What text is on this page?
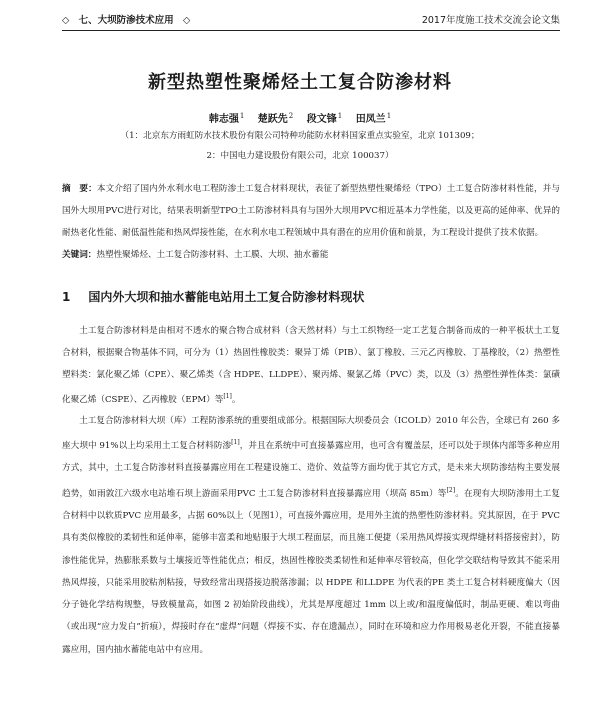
◇ 七、大坝防渗技术应用 ◇	2017年度施工技术交流会论文集
新型热塑性聚烯烃土工复合防渗材料
韩志强$^1$ 楚跃先$^2$ 段文锋$^1$ 田凤兰$^1$
（1：北京东方雨虹防水技术股份有限公司特种功能防水材料国家重点实验室，北京 101309；
2：中国电力建设股份有限公司，北京 100037）
摘　要：本文介绍了国内外水利水电工程防渗土工复合材料现状，表征了新型热塑性聚烯烃（TPO）土工复合防渗材料性能，并与国外大坝用PVC进行对比，结果表明新型TPO土工防渗材料具有与国外大坝用PVC相近基本力学性能，以及更高的延伸率、优异的耐热老化性能、耐低温性能和热风焊接性能，在水利水电工程领域中具有潜在的应用价值和前景，为工程设计提供了技术依据。
关键词：热塑性聚烯烃、土工复合防渗材料、土工膜、大坝、抽水蓄能
1 国内外大坝和抽水蓄能电站用土工复合防渗材料现状
土工复合防渗材料是由相对不透水的聚合物合成材料（含天然材料）与土工织物经一定工艺复合制备而成的一种平板状土工复合材料，根据聚合物基体不同，可分为（1）热固性橡胶类：聚异丁烯（PIB）、氯丁橡胶、三元乙丙橡胶、丁基橡胶，（2）热塑性塑料类：氯化聚乙烯（CPE）、聚乙烯类（含 HDPE、LLDPE）、聚丙烯、聚氯乙烯（PVC）类，以及（3）热塑性弹性体类：氯磺化聚乙烯（CSPE）、乙丙橡胶（EPM）等[1]。
土工复合防渗材料大坝（库）工程防渗系统的重要组成部分。根据国际大坝委员会（ICOLD）2010 年公告，全球已有 260 多座大坝中 91%以上均采用土工复合材料防渗[1]，并且在系统中可直接暴露应用，也可含有覆盖层，还可以处于坝体内部等多种应用方式，其中，土工复合防渗材料直接暴露应用在工程建设施工、造价、效益等方面均优于其它方式，是未来大坝防渗结构主要发展趋势，如雨敦江六级水电站堆石坝上游面采用PVC 土工复合防渗材料直接暴露应用（坝高 85m）等[2]。在现有大坝防渗用土工复合材料中以软质PVC 应用最多，占据 60%以上（见图1），可直接外露应用，是用外主流的热塑性防渗材料。究其原因，在于 PVC 具有类似橡胶的柔韧性和延伸率，能够丰富柔和地贴服于大坝工程面层，而且施工便捷（采用热风焊接实现焊缝材料搭接密封），防渗性能优异，热膨胀系数与土壤接近等性能优点；相反，热固性橡胶类柔韧性和延伸率尽管较高，但化学交联结构导致其不能采用热风焊接，只能采用胶粘剂粘接，导致经常出现搭接边脱落渗漏；以 HDPE 和LLDPE 为代表的PE 类土工复合材料硬度偏大（因分子链化学结构规整，导致模量高，如图 2 初始阶段曲线），尤其是厚度超过 1mm 以上或/和温度偏低时，制品更硬、难以弯曲（或出现“应力发白”折痕），焊接时存在“虚焊”问题（焊接不实、存在遗漏点），同时在环境和应力作用极易老化开裂，不能直接暴露应用，国内抽水蓄能电站中有应用。
